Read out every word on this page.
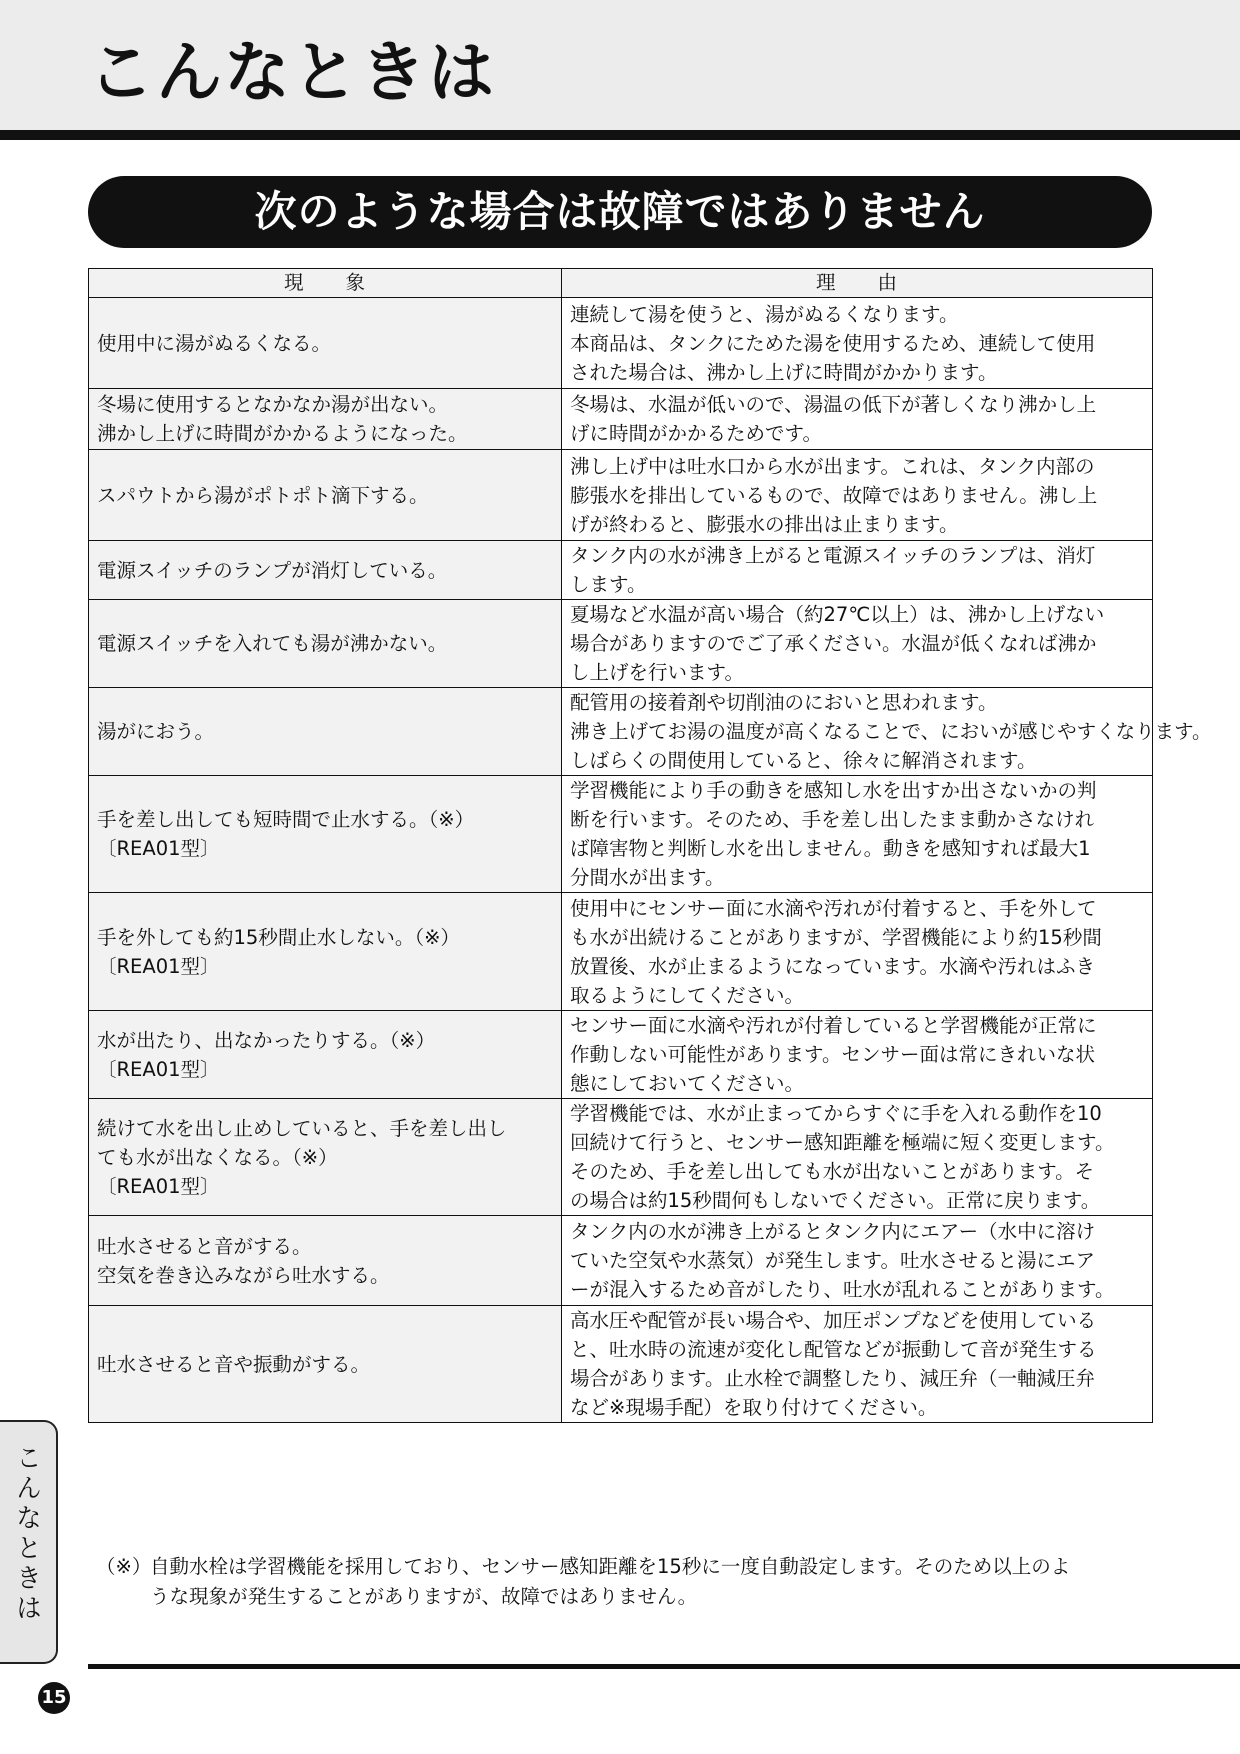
こんなときは
次のような場合は故障ではありません
現　　象	理　　由

使用中に湯がぬるくなる。	連続して湯を使うと、湯がぬるくなります。
本商品は、タンクにためた湯を使用するため、連続して使用
された場合は、沸かし上げに時間がかかります。

冬場に使用するとなかなか湯が出ない。
沸かし上げに時間がかかるようになった。	冬場は、水温が低いので、湯温の低下が著しくなり沸かし上
げに時間がかかるためです。

スパウトから湯がポトポト滴下する。	沸し上げ中は吐水口から水が出ます。これは、タンク内部の
膨張水を排出しているもので、故障ではありません。沸し上
げが終わると、膨張水の排出は止まります。

電源スイッチのランプが消灯している。	タンク内の水が沸き上がると電源スイッチのランプは、消灯
します。

電源スイッチを入れても湯が沸かない。	夏場など水温が高い場合（約27℃以上）は、沸かし上げない
場合がありますのでご了承ください。水温が低くなれば沸か
し上げを行います。

湯がにおう。	配管用の接着剤や切削油のにおいと思われます。
沸き上げてお湯の温度が高くなることで、においが感じやすくなります。
しばらくの間使用していると、徐々に解消されます。

手を差し出しても短時間で止水する。（※）
〔REA01型〕	学習機能により手の動きを感知し水を出すか出さないかの判
断を行います。そのため、手を差し出したまま動かさなけれ
ば障害物と判断し水を出しません。動きを感知すれば最大1
分間水が出ます。

手を外しても約15秒間止水しない。（※）
〔REA01型〕	使用中にセンサー面に水滴や汚れが付着すると、手を外して
も水が出続けることがありますが、学習機能により約15秒間
放置後、水が止まるようになっています。水滴や汚れはふき
取るようにしてください。

水が出たり、出なかったりする。（※）
〔REA01型〕	センサー面に水滴や汚れが付着していると学習機能が正常に
作動しない可能性があります。センサー面は常にきれいな状
態にしておいてください。

続けて水を出し止めしていると、手を差し出し
ても水が出なくなる。（※）
〔REA01型〕	学習機能では、水が止まってからすぐに手を入れる動作を10
回続けて行うと、センサー感知距離を極端に短く変更します。
そのため、手を差し出しても水が出ないことがあります。そ
の場合は約15秒間何もしないでください。正常に戻ります。

吐水させると音がする。
空気を巻き込みながら吐水する。	タンク内の水が沸き上がるとタンク内にエアー（水中に溶け
ていた空気や水蒸気）が発生します。吐水させると湯にエア
ーが混入するため音がしたり、吐水が乱れることがあります。

吐水させると音や振動がする。	高水圧や配管が長い場合や、加圧ポンプなどを使用している
と、吐水時の流速が変化し配管などが振動して音が発生する
場合があります。止水栓で調整したり、減圧弁（一軸減圧弁
など※現場手配）を取り付けてください。
（※）
自動水栓は学習機能を採用しており、センサー感知距離を15秒に一度自動設定します。そのため以上のよ
うな現象が発生することがありますが、故障ではありません。
こんなときは
15
